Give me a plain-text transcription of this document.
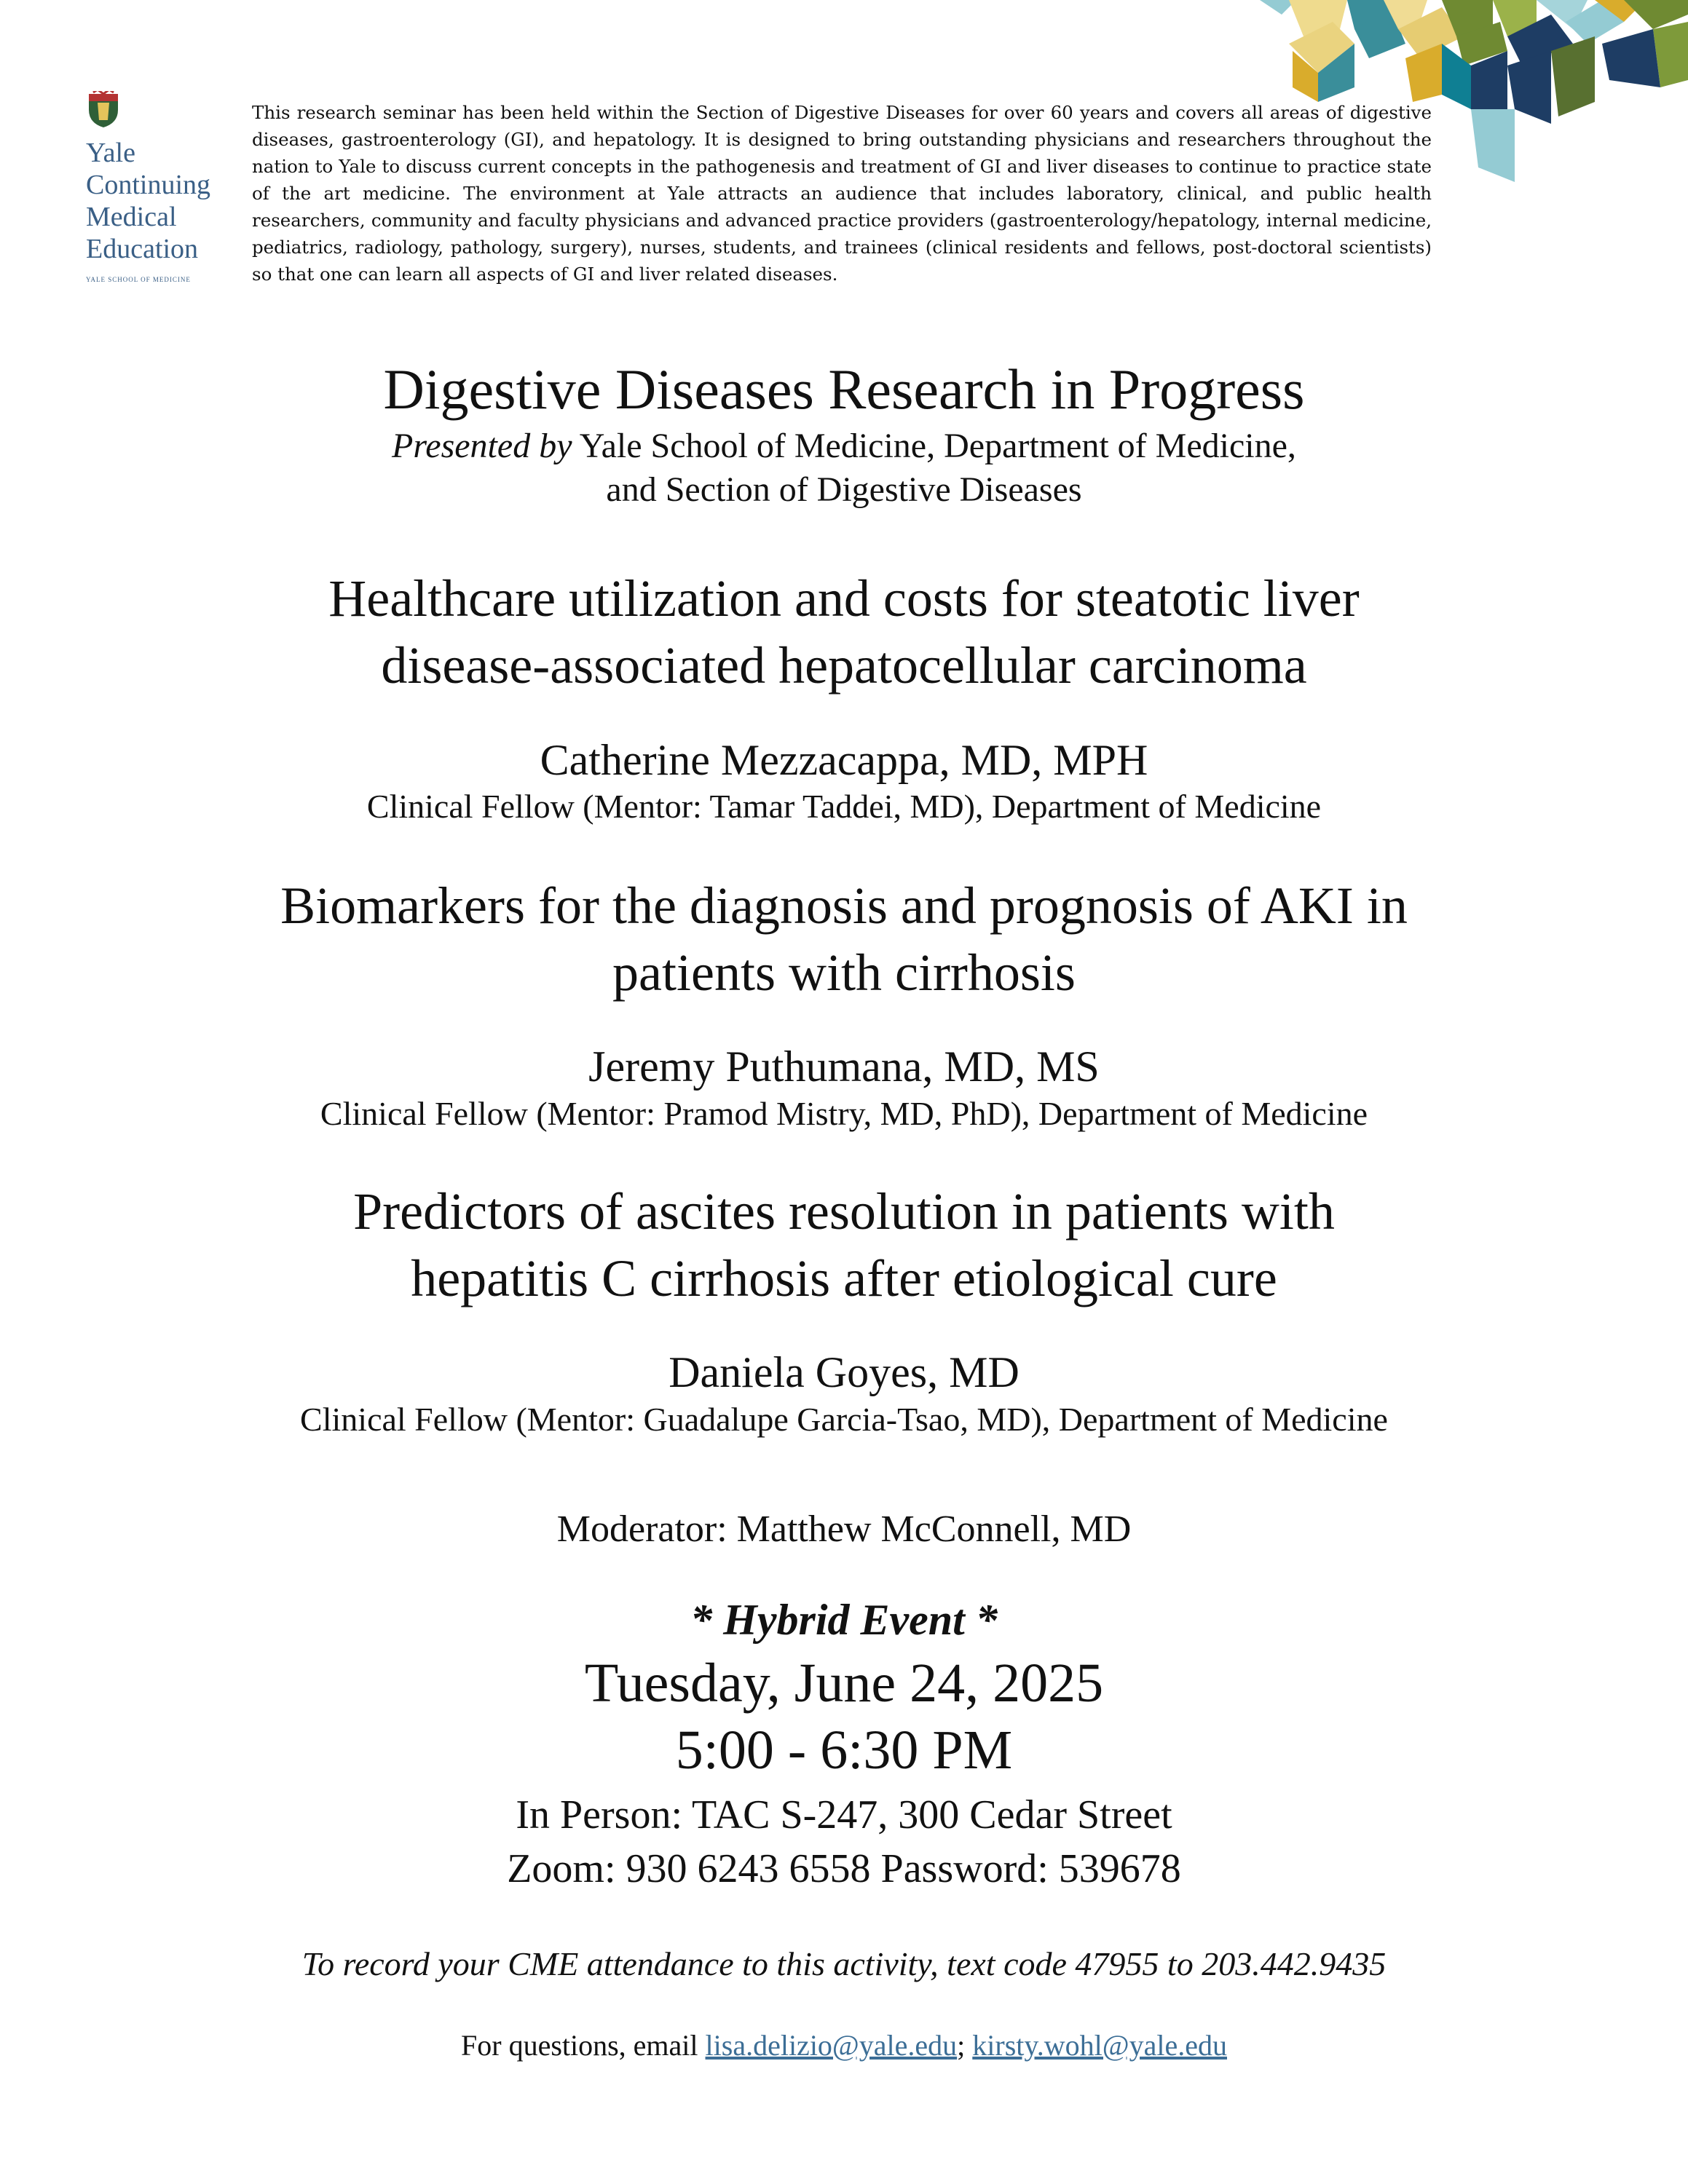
Yale
Continuing
Medical
Education
YALE SCHOOL OF MEDICINE

This research seminar has been held within the Section of Digestive Diseases for over 60 years and covers all areas of digestive diseases, gastroenterology (GI), and hepatology. It is designed to bring outstanding physicians and researchers throughout the nation to Yale to discuss current concepts in the pathogenesis and treatment of GI and liver diseases to continue to practice state of the art medicine. The environment at Yale attracts an audience that includes laboratory, clinical, and public health researchers, community and faculty physicians and advanced practice providers (gastroenterology/hepatology, internal medicine, pediatrics, radiology, pathology, surgery), nurses, students, and trainees (clinical residents and fellows, post-doctoral scientists) so that one can learn all aspects of GI and liver related diseases.

Digestive Diseases Research in Progress

Presented by Yale School of Medicine, Department of Medicine,

and Section of Digestive Diseases

Healthcare utilization and costs for steatotic liver

disease-associated hepatocellular carcinoma

Catherine Mezzacappa, MD, MPH

Clinical Fellow (Mentor: Tamar Taddei, MD), Department of Medicine

Biomarkers for the diagnosis and prognosis of AKI in

patients with cirrhosis

Jeremy Puthumana, MD, MS

Clinical Fellow (Mentor: Pramod Mistry, MD, PhD), Department of Medicine

Predictors of ascites resolution in patients with

hepatitis C cirrhosis after etiological cure

Daniela Goyes, MD

Clinical Fellow (Mentor: Guadalupe Garcia-Tsao, MD), Department of Medicine

Moderator: Matthew McConnell, MD

* Hybrid Event *

Tuesday, June 24, 2025

5:00 - 6:30 PM

In Person: TAC S-247, 300 Cedar Street

Zoom: 930 6243 6558 Password: 539678

To record your CME attendance to this activity, text code 47955 to 203.442.9435

For questions, email lisa.delizio@yale.edu; kirsty.wohl@yale.edu
